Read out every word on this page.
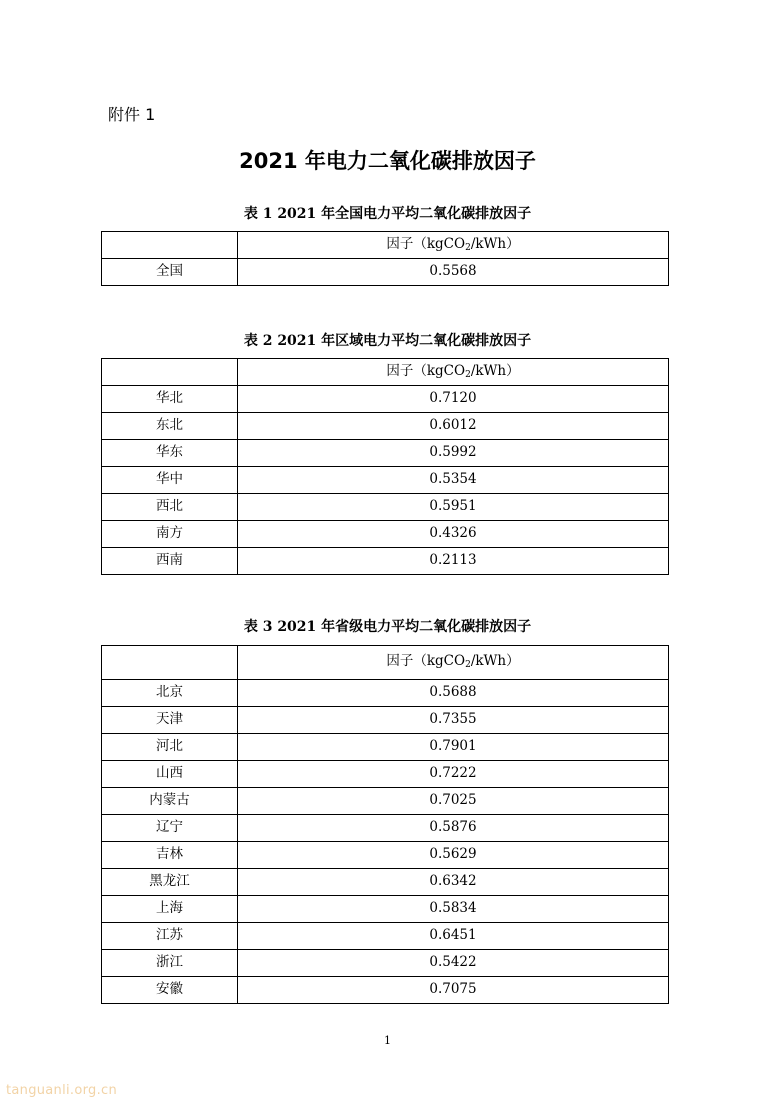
附件 1
2021 年电力二氧化碳排放因子
表 1 2021 年全国电力平均二氧化碳排放因子
	因子（kgCO$_2$/kWh）
全国	0.5568
表 2 2021 年区域电力平均二氧化碳排放因子
	因子（kgCO$_2$/kWh）
华北	0.7120
东北	0.6012
华东	0.5992
华中	0.5354
西北	0.5951
南方	0.4326
西南	0.2113
表 3 2021 年省级电力平均二氧化碳排放因子
	因子（kgCO$_2$/kWh）
北京	0.5688
天津	0.7355
河北	0.7901
山西	0.7222
内蒙古	0.7025
辽宁	0.5876
吉林	0.5629
黑龙江	0.6342
上海	0.5834
江苏	0.6451
浙江	0.5422
安徽	0.7075
1
tanguanli.org.cn
